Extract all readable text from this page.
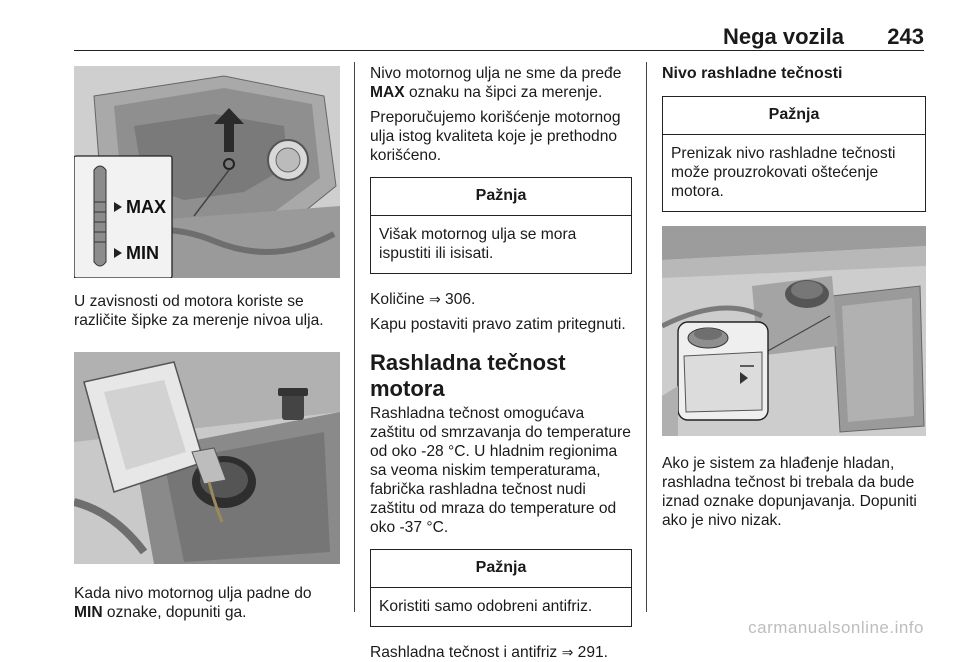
Nega vozila 243
MAX
MIN

U zavisnosti od motora koriste se različite šipke za merenje nivoa ulja.

Kada nivo motornog ulja padne do
MIN oznake, dopuniti ga.

Nivo motornog ulja ne sme da pređe
MAX oznaku na šipci za merenje.

Preporučujemo korišćenje motornog ulja istog kvaliteta koje je prethodno korišćeno.

Pažnja
Višak motornog ulja se mora ispustiti ili isisati.

Količine ⇒ 306.

Kapu postaviti pravo zatim pritegnuti.

Rashladna tečnost motora

Rashladna tečnost omogućava zaštitu od smrzavanja do temperature od oko -28 °C. U hladnim regionima sa veoma niskim temperaturama, fabrička rashladna tečnost nudi zaštitu od mraza do temperature od oko -37 °C.

Pažnja
Koristiti samo odobreni antifriz.

Rashladna tečnost i antifriz ⇒ 291.

Nivo rashladne tečnosti
Pažnja
Prenizak nivo rashladne tečnosti može prouzrokovati oštećenje motora.

Ako je sistem za hlađenje hladan, rashladna tečnost bi trebala da bude iznad oznake dopunjavanja. Dopuniti ako je nivo nizak.

carmanualsonline.info
